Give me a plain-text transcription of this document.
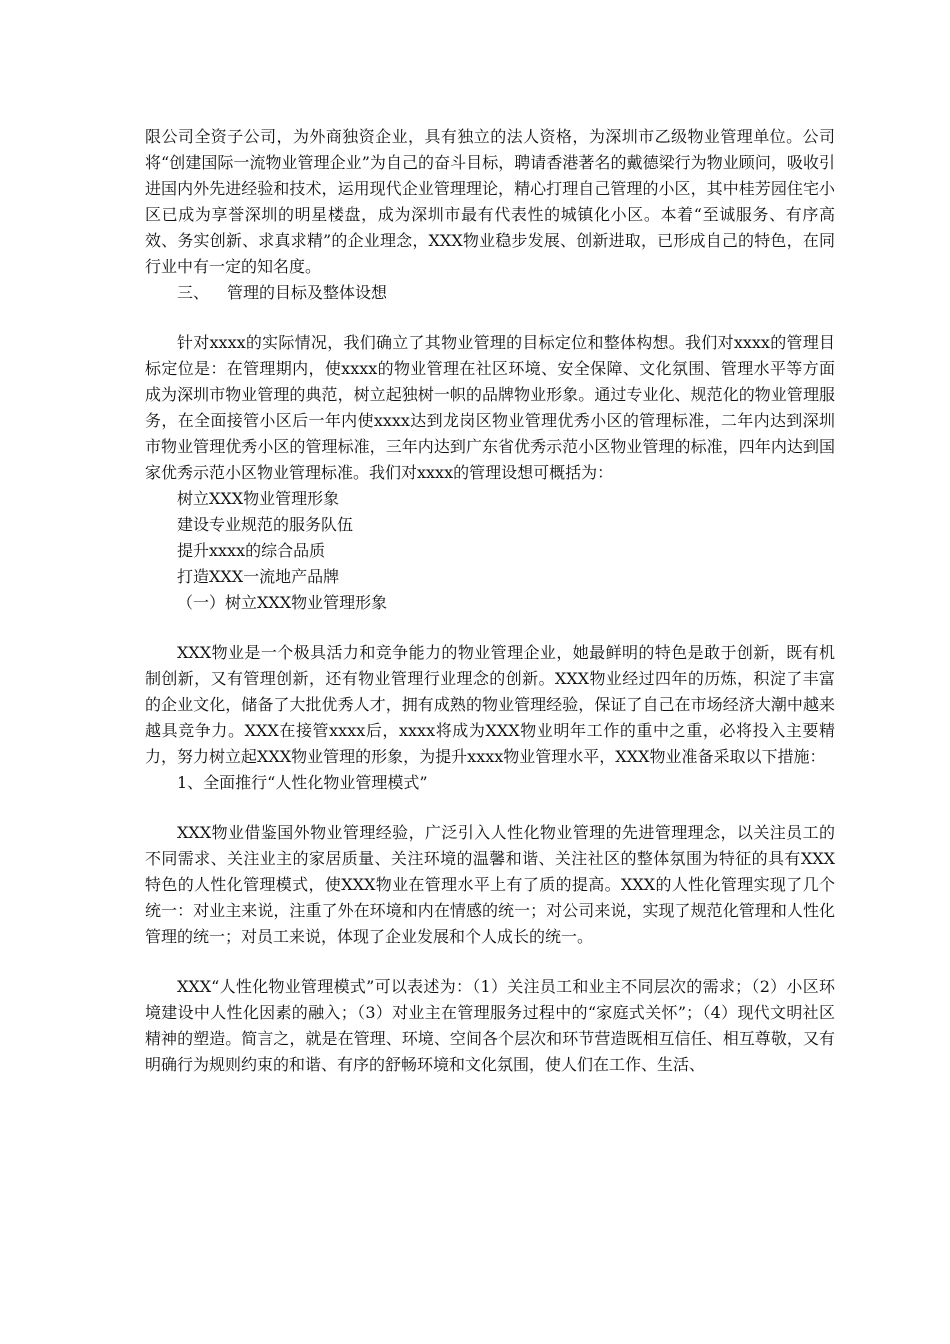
限公司全资子公司，为外商独资企业，具有独立的法人资格，为深圳市乙级物业管理单位。公司将“创建国际一流物业管理企业”为自己的奋斗目标，聘请香港著名的戴德梁行为物业顾问，吸收引进国内外先进经验和技术，运用现代企业管理理论，精心打理自己管理的小区，其中桂芳园住宅小区已成为享誉深圳的明星楼盘，成为深圳市最有代表性的城镇化小区。本着“至诚服务、有序高效、务实创新、求真求精”的企业理念，XXX物业稳步发展、创新进取，已形成自己的特色，在同行业中有一定的知名度。

三、 管理的目标及整体设想

针对xxxx的实际情况，我们确立了其物业管理的目标定位和整体构想。我们对xxxx的管理目标定位是：在管理期内，使xxxx的物业管理在社区环境、安全保障、文化氛围、管理水平等方面成为深圳市物业管理的典范，树立起独树一帜的品牌物业形象。通过专业化、规范化的物业管理服务，在全面接管小区后一年内使xxxx达到龙岗区物业管理优秀小区的管理标准，二年内达到深圳市物业管理优秀小区的管理标准，三年内达到广东省优秀示范小区物业管理的标准，四年内达到国家优秀示范小区物业管理标准。我们对xxxx的管理设想可概括为：

树立XXX物业管理形象

建设专业规范的服务队伍

提升xxxx的综合品质

打造XXX一流地产品牌

（一）树立XXX物业管理形象

XXX物业是一个极具活力和竞争能力的物业管理企业，她最鲜明的特色是敢于创新，既有机制创新，又有管理创新，还有物业管理行业理念的创新。XXX物业经过四年的历炼，积淀了丰富的企业文化，储备了大批优秀人才，拥有成熟的物业管理经验，保证了自己在市场经济大潮中越来越具竞争力。XXX在接管xxxx后，xxxx将成为XXX物业明年工作的重中之重，必将投入主要精力，努力树立起XXX物业管理的形象，为提升xxxx物业管理水平，XXX物业准备采取以下措施：

1、全面推行“人性化物业管理模式”

XXX物业借鉴国外物业管理经验，广泛引入人性化物业管理的先进管理理念，以关注员工的不同需求、关注业主的家居质量、关注环境的温馨和谐、关注社区的整体氛围为特征的具有XXX特色的人性化管理模式，使XXX物业在管理水平上有了质的提高。XXX的人性化管理实现了几个统一：对业主来说，注重了外在环境和内在情感的统一；对公司来说，实现了规范化管理和人性化管理的统一；对员工来说，体现了企业发展和个人成长的统一。

XXX“人性化物业管理模式”可以表述为：（1）关注员工和业主不同层次的需求；（2）小区环境建设中人性化因素的融入；（3）对业主在管理服务过程中的“家庭式关怀”；（4）现代文明社区精神的塑造。简言之，就是在管理、环境、空间各个层次和环节营造既相互信任、相互尊敬，又有明确行为规则约束的和谐、有序的舒畅环境和文化氛围，使人们在工作、生活、
